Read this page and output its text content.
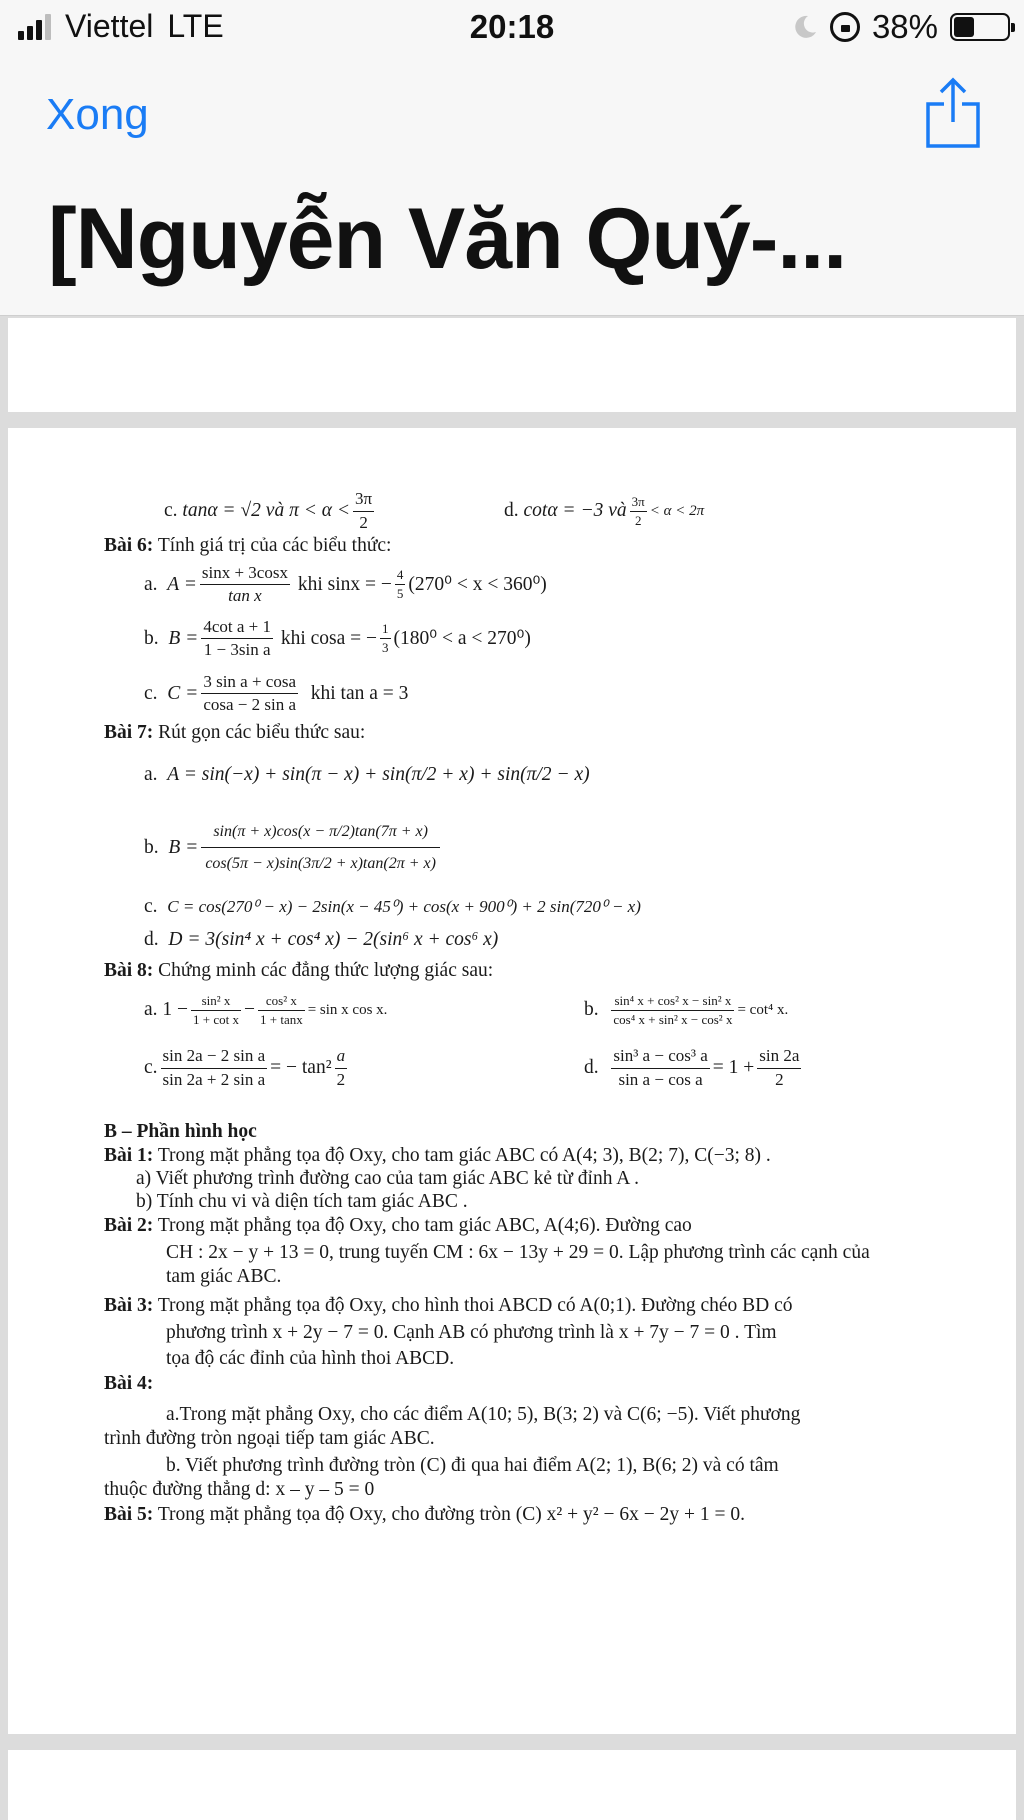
Viettel LTE	20:18	38%
Xong
[Nguyễn Văn Quý-...
c.
tanα = √2 và $\pi < \alpha < \frac{3\pi}{2}$	d.
cotα = −3 và $\frac{3\pi}{2} < \alpha < 2\pi$

Bài 6: Tính giá trị của các biểu thức:

a.
$A = \frac{\sin x + 3\cos x}{\text{tan x}}$
khi sinx = − $\frac{4}{5} (270^0 < x < 360^0)$
b.
$B = \frac{\text{4cot a + 1}}{\text{1 − 3sin a}}$
khi cosa = − $\frac{1}{3} (180^0 < a < 270^0)$
c.
$C = \frac{\text{3 sin a + cosa}}{\text{cosa − 2 sin a}}$
khi tan a = 3

Bài 7: Rút gọn các biểu thức sau:

a.
A = sin(−x) + sin(π − x) + sin(π/2 + x) + sin(π/2 − x)
b.
$B = \frac{\sin(\pi + x)\cos(x - \pi/2)\tan(7\pi + x)}{\cos(5\pi - x)\sin(3\pi/2 + x)\tan(2\pi + x)}$
c.
C = cos(270⁰ − x) − 2sin(x − 45⁰) + cos(x + 900⁰) + 2 sin(720⁰ − x)
d.
D = 3(sin⁴ x + cos⁴ x) − 2(sin⁶ x + cos⁶ x)

Bài 8: Chứng minh các đẳng thức lượng giác sau:

a.
$1 - \frac{\text{sin² x}}{\text{1 + cot x}} - \frac{\text{cos² x}}{1 + \tan x} = \sin x$ cos x.	b.
$\frac{\text{sin⁴ x + cos² x − sin² x}}{\text{cos⁴ x + sin² x − cos² x}} = \cot^4$ x.
c. $\frac{\text{sin 2a − 2 sin a}}{\text{sin 2a + 2 sin a}}$ = − $\tan^2 \frac{a}{2}$	d.
$\frac{\text{sin³ a − cos³ a}}{\text{sin a − cos a}} = 1 + \frac{\sin 2a}{2}$

B – Phần hình học

Bài 1: Trong mặt phẳng tọa độ Oxy, cho tam giác ABC có A(4; 3), B(2; 7), C(−3; 8) .

a) Viết phương trình đường cao của tam giác ABC kẻ từ đỉnh A .

b) Tính chu vi và diện tích tam giác ABC .

Bài 2: Trong mặt phẳng tọa độ Oxy, cho tam giác ABC, A(4;6). Đường cao

CH : 2x − y + 13 = 0, trung tuyến CM : 6x − 13y + 29 = 0. Lập phương trình các cạnh của

tam giác ABC.

Bài 3: Trong mặt phẳng tọa độ Oxy, cho hình thoi ABCD có A(0;1). Đường chéo BD có

phương trình x + 2y − 7 = 0. Cạnh AB có phương trình là x + 7y − 7 = 0 . Tìm

tọa độ các đỉnh của hình thoi ABCD.

Bài 4:

a.Trong mặt phẳng Oxy, cho các điểm A(10; 5), B(3; 2) và C(6; −5). Viết phương

trình đường tròn ngoại tiếp tam giác ABC.

b. Viết phương trình đường tròn (C) đi qua hai điểm A(2; 1), B(6; 2) và có tâm

thuộc đường thẳng d: x – y – 5 = 0

Bài 5: Trong mặt phẳng tọa độ Oxy, cho đường tròn (C) x² + y² − 6x − 2y + 1 = 0.
